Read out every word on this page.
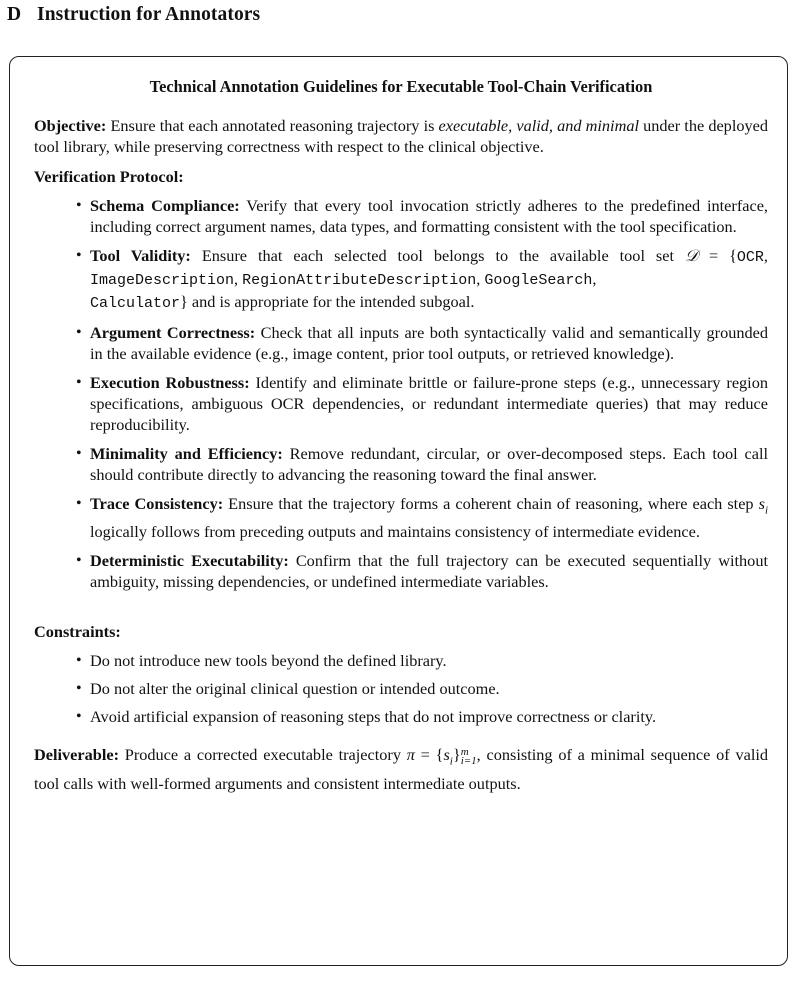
D Instruction for Annotators
Technical Annotation Guidelines for Executable Tool-Chain Verification

Objective: Ensure that each annotated reasoning trajectory is executable, valid, and minimal under the deployed tool library, while preserving correctness with respect to the clinical objective.

Verification Protocol:
• Schema Compliance: Verify that every tool invocation strictly adheres to the predefined interface, including correct argument names, data types, and formatting consistent with the tool specification.
• Tool Validity: Ensure that each selected tool belongs to the available tool set 𝒟 = {OCR, ImageDescription, RegionAttributeDescription, GoogleSearch,
Calculator} and is appropriate for the intended subgoal.
• Argument Correctness: Check that all inputs are both syntactically valid and semantically grounded in the available evidence (e.g., image content, prior tool outputs, or retrieved knowledge).
• Execution Robustness: Identify and eliminate brittle or failure-prone steps (e.g., unnecessary region specifications, ambiguous OCR dependencies, or redundant intermediate queries) that may reduce reproducibility.
• Minimality and Efficiency: Remove redundant, circular, or over-decomposed steps. Each tool call should contribute directly to advancing the reasoning toward the final answer.
• Trace Consistency: Ensure that the trajectory forms a coherent chain of reasoning, where each step $s_i$ logically follows from preceding outputs and maintains consistency of intermediate evidence.
• Deterministic Executability: Confirm that the full trajectory can be executed sequentially without ambiguity, missing dependencies, or undefined intermediate variables.
Constraints:
• Do not introduce new tools beyond the defined library.
• Do not alter the original clinical question or intended outcome.
• Avoid artificial expansion of reasoning steps that do not improve correctness or clarity.

Deliverable: Produce a corrected executable trajectory $\pi = \{s_i\}$ m
i=1 , consisting of a minimal sequence of valid tool calls with well-formed arguments and consistent intermediate outputs.
